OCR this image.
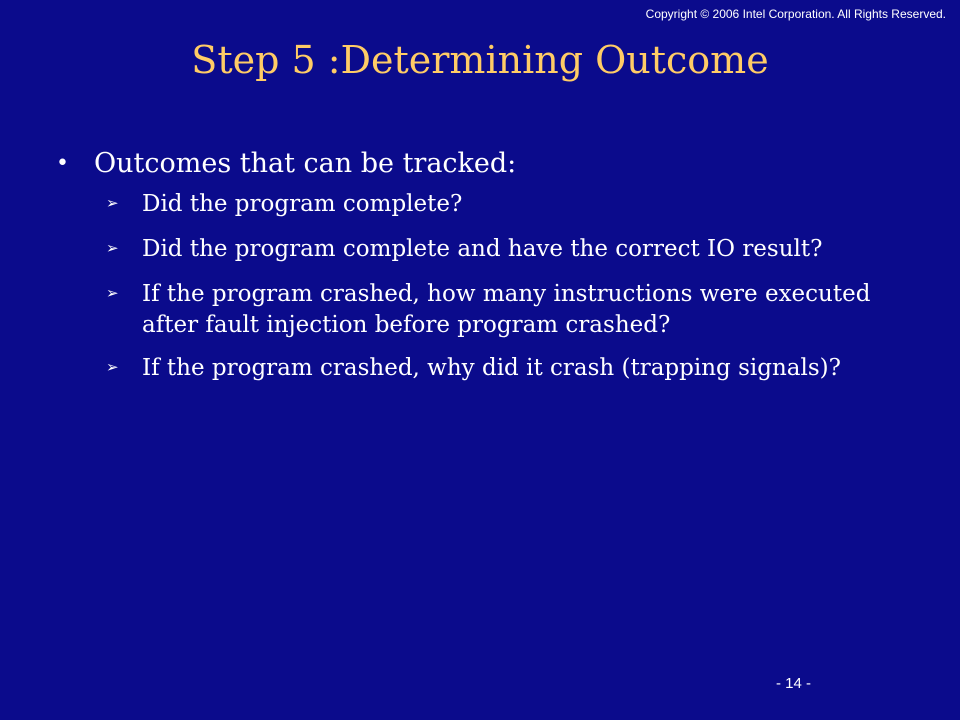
Copyright © 2006 Intel Corporation. All Rights Reserved.
Step 5 :Determining Outcome
• Outcomes that can be tracked:
➢	Did the program complete?
➢	Did the program complete and have the correct IO result?
➢	If the program crashed, how many instructions were executed after fault injection before program crashed?
➢	If the program crashed, why did it crash (trapping signals)?
- 14 -
